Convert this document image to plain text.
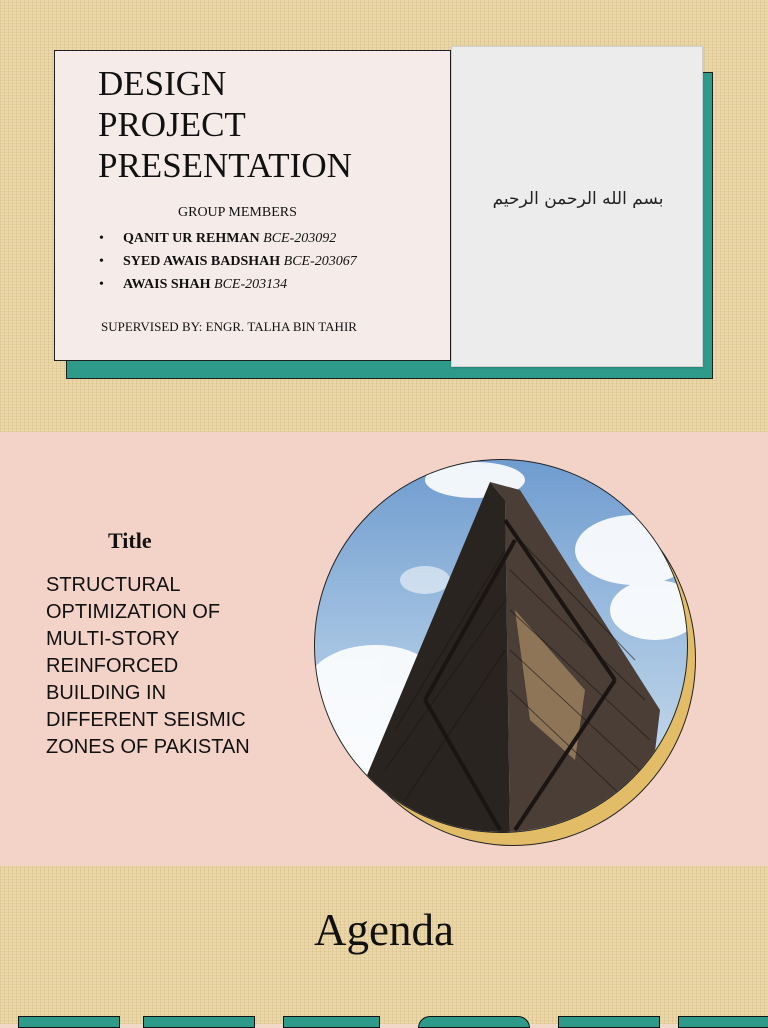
DESIGN
PROJECT
PRESENTATION
GROUP MEMBERS
• QANIT UR REHMAN BCE-203092
• SYED AWAIS BADSHAH BCE-203067
• AWAIS SHAH BCE-203134
SUPERVISED BY: ENGR. TALHA BIN TAHIR
بسم الله الرحمن الرحيم
Title
STRUCTURAL
OPTIMIZATION OF
MULTI-STORY
REINFORCED
BUILDING IN
DIFFERENT SEISMIC
ZONES OF PAKISTAN
Agenda
